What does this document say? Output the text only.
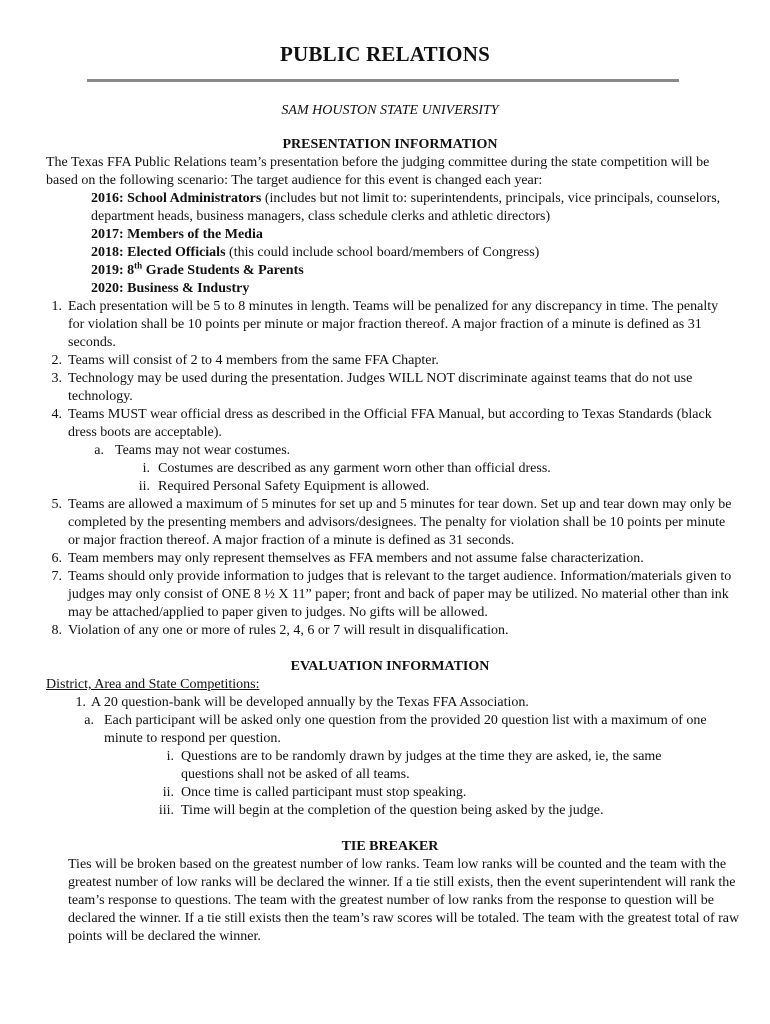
PUBLIC RELATIONS
SAM HOUSTON STATE UNIVERSITY

PRESENTATION INFORMATION

The Texas FFA Public Relations team’s presentation before the judging committee during the state competition will be based on the following scenario: The target audience for this event is changed each year:

2016: School Administrators (includes but not limit to: superintendents, principals, vice principals, counselors, department heads, business managers, class schedule clerks and athletic directors)

2017: Members of the Media

2018: Elected Officials (this could include school board/members of Congress)

2019: 8th Grade Students & Parents

2020: Business & Industry

1. Each presentation will be 5 to 8 minutes in length. Teams will be penalized for any discrepancy in time. The penalty for violation shall be 10 points per minute or major fraction thereof. A major fraction of a minute is defined as 31 seconds.
2. Teams will consist of 2 to 4 members from the same FFA Chapter.
3. Technology may be used during the presentation. Judges WILL NOT discriminate against teams that do not use technology.
4. Teams MUST wear official dress as described in the Official FFA Manual, but according to Texas Standards (black dress boots are acceptable).
a. Teams may not wear costumes.
i. Costumes are described as any garment worn other than official dress.
ii. Required Personal Safety Equipment is allowed.
5. Teams are allowed a maximum of 5 minutes for set up and 5 minutes for tear down. Set up and tear down may only be completed by the presenting members and advisors/designees. The penalty for violation shall be 10 points per minute or major fraction thereof. A major fraction of a minute is defined as 31 seconds.
6. Team members may only represent themselves as FFA members and not assume false characterization.
7. Teams should only provide information to judges that is relevant to the target audience. Information/materials given to judges may only consist of ONE 8 ½ X 11” paper; front and back of paper may be utilized. No material other than ink may be attached/applied to paper given to judges. No gifts will be allowed.
8. Violation of any one or more of rules 2, 4, 6 or 7 will result in disqualification.

EVALUATION INFORMATION

District, Area and State Competitions:

1. A 20 question-bank will be developed annually by the Texas FFA Association.
a. Each participant will be asked only one question from the provided 20 question list with a maximum of one minute to respond per question.
i. Questions are to be randomly drawn by judges at the time they are asked, ie, the same questions shall not be asked of all teams.
ii. Once time is called participant must stop speaking.
iii. Time will begin at the completion of the question being asked by the judge.

TIE BREAKER

Ties will be broken based on the greatest number of low ranks. Team low ranks will be counted and the team with the greatest number of low ranks will be declared the winner. If a tie still exists, then the event superintendent will rank the team’s response to questions. The team with the greatest number of low ranks from the response to question will be declared the winner. If a tie still exists then the team’s raw scores will be totaled. The team with the greatest total of raw points will be declared the winner.
